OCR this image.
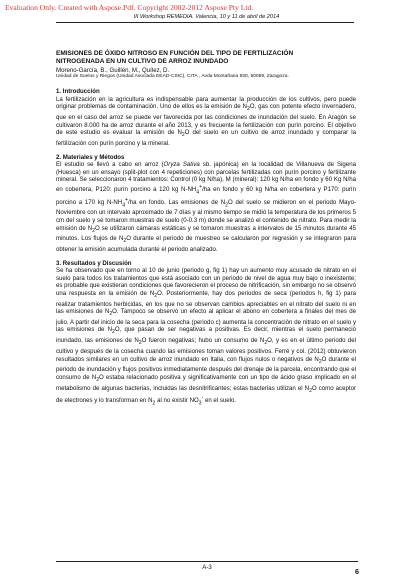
Evaluation Only. Created with Aspose.Pdf. Copyright 2002-2012 Aspose Pty Ltd.
III Workshop REMEDIA. Valencia, 10 y 11 de abril de 2014
EMISIONES DE ÓXIDO NITROSO EN FUNCIÓN DEL TIPO DE FERTILIZACIÓN
NITROGENADA EN UN CULTIVO DE ARROZ INUNDADO
Moreno-García, B., Guillén, M., Quílez, D.
Unidad de Suelos y Riegos (Unidad Asociada EEAD-CSIC), CITA , Avda Montañana 930, 50059, Zaragoza.
1. Introducción
La fertilización en la agricultura es indispensable para aumentar la producción de los cultivos, pero puede originar problemas de contaminación. Uno de ellos es la emisión de $N_2O$, gas con potente efecto invernadero, que en el caso del arroz se puede ver favorecida por las condiciones de inundación del suelo. En Aragón se cultivaron 8.000 ha de arroz durante el año 2013, y es frecuente la fertilización con purín porcino. El objetivo de este estudio es evaluar la emisión de $N_2O$ del suelo en un cultivo de arroz inundado y comparar la fertilización con purín porcino y la mineral.
2. Materiales y Métodos
El estudio se llevó a cabo en arroz (Oryza Sativa sb. japónica) en la localidad de Villanueva de Sigena (Huesca) en un ensayo (split-plot con 4 repeticiones) con parcelas fertilizadas con purín porcino y fertilizante mineral. Se seleccionaron 4 tratamientos: Control (0 kg N/ha), M (mineral): 120 kg N/ha en fondo y 60 Kg N/ha en cobertera, P120: purín porcino a 120 kg $N-NH_4^+/ha$ en fondo y 60 kg N/ha en cobertera y P170: purín porcino a 170 kg $N-NH_4^+/ha$ en fondo. Las emisiones de $N_2O$ del suelo se midieron en el periodo Mayo-Noviembre con un intervalo aproximado de 7 días y al mismo tiempo se midió la temperatura de los primeros 5 cm del suelo y se tomaron muestras de suelo (0-0.3 m) donde se analizó el contenido de nitrato. Para medir la emisión de $N_2O$ se utilizaron cámaras estáticas y se tomaron muestras a intervalos de 15 minutos durante 45 minutos. Los flujos de $N_2O$ durante el periodo de muestreo se calcularon por regresión y se integraron para obtener la emisión acumulada durante el periodo analizado.
3. Resultados y Discusión
Se ha observado que en torno al 10 de junio (periodo g, fig 1) hay un aumento muy acusado de nitrato en el suelo para todos los tratamientos que está asociado con un periodo de nivel de agua muy bajo o inexistente; es probable que existieran condiciones que favorecieron el proceso de nitrificación, sin embargo no se observó una respuesta en la emisión de $N_2O$. Posteriormente, hay dos periodos de seca (periodos h, fig 1) para realizar tratamientos herbicidas, en los que no se observan cambios apreciables en el nitrato del suelo ni en las emisiones de $N_2O$. Tampoco se observó un efecto al aplicar el abono en cobertera a finales del mes de julio. A partir del inicio de la seca para la cosecha (periodo c) aumenta la concentración de nitrato en el suelo y las emisiones de $N_2O$, que pasan de ser negativas a positivas. Es decir, mientras el suelo permaneció inundado, las emisiones de $N_2O$ fueron negativas; hubo un consumo de $N_2O$, y es en el último periodo del cultivo y después de la cosecha cuando las emisiones toman valores positivos. Ferré y col. (2012) obtuvieron resultados similares en un cultivo de arroz inundado en Italia, con flujos nulos o negativos de $N_2O$ durante el periodo de inundación y flujos positivos inmediatamente después del drenaje de la parcela, encontrando que el consumo de $N_2O$ estaba relacionado positiva y significativamente con un tipo de ácido graso implicado en el metabolismo de algunas bacterias, incluidas las desnitrificantes; estas bacterias utilizan el $N_2O$ como aceptor de electrones y lo transforman en $N_2$ al no existir $NO_3^-$ en el suelo.
A-3	6
